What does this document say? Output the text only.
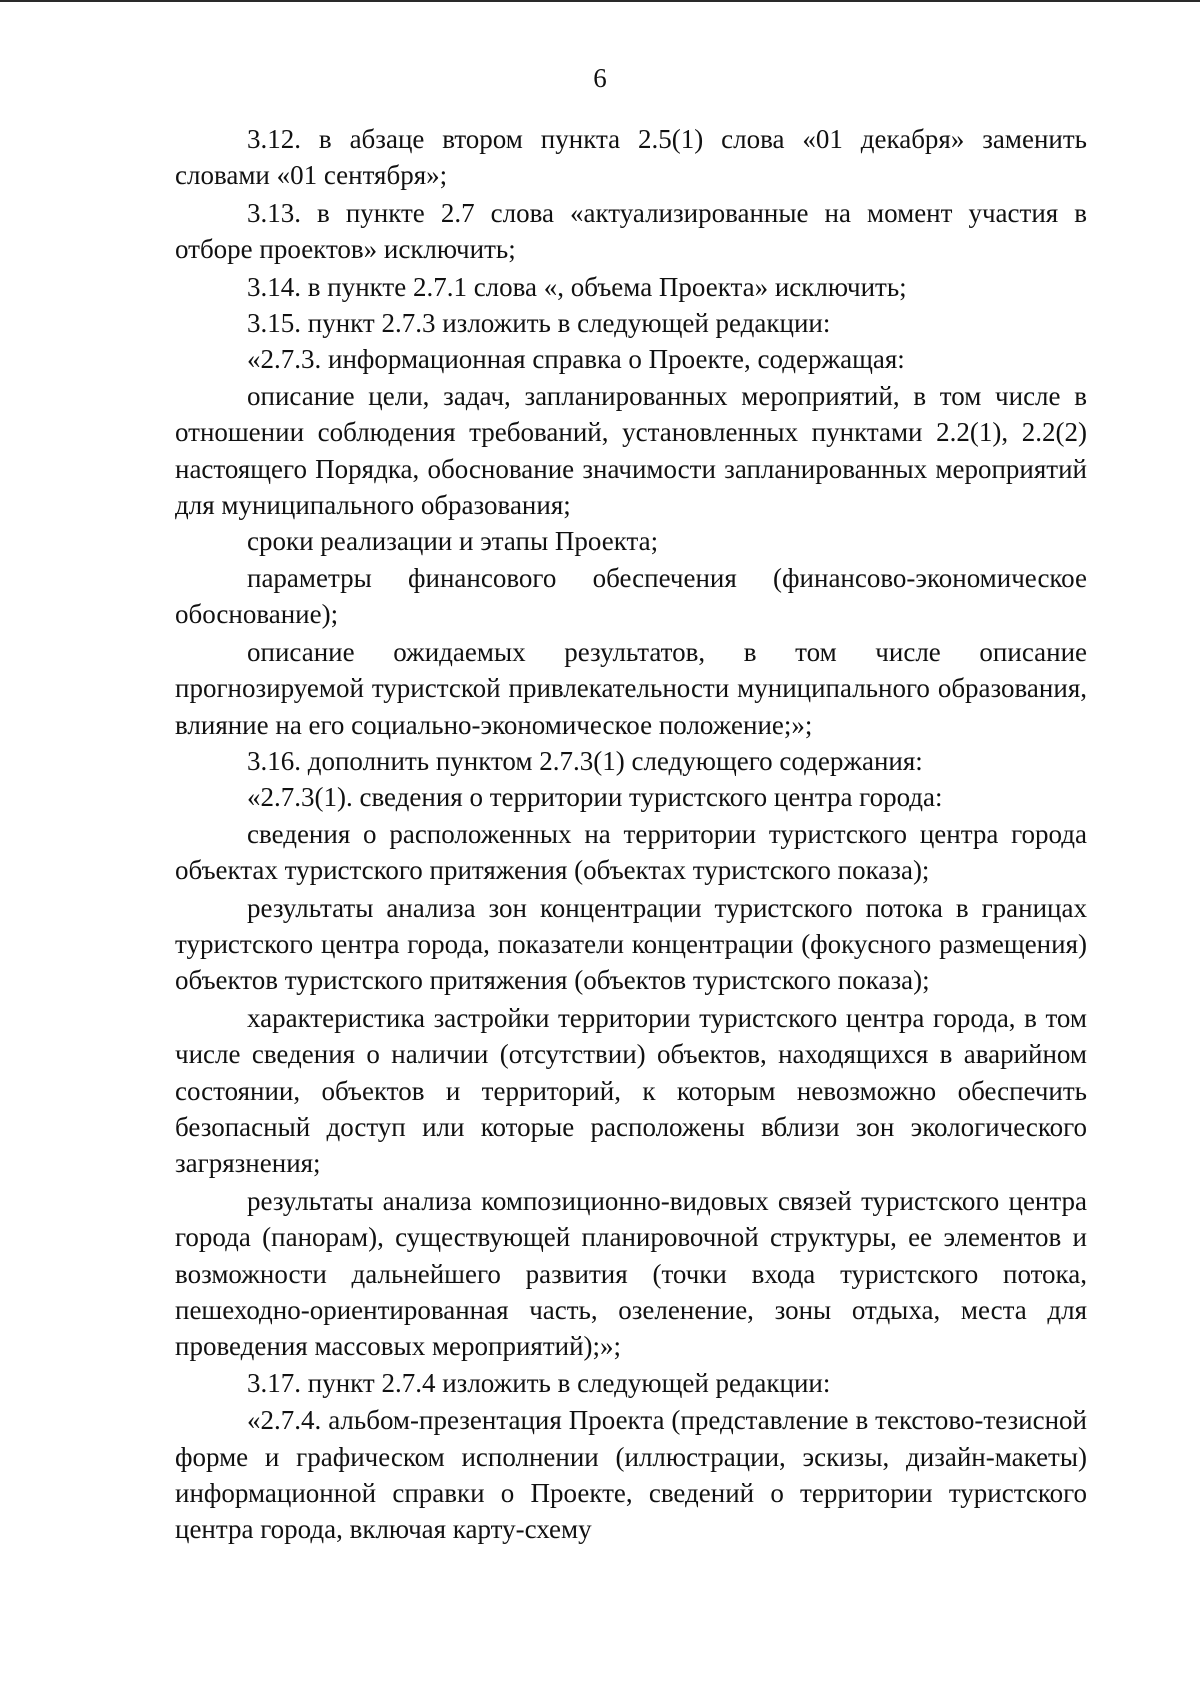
6

3.12. в абзаце втором пункта 2.5(1) слова «01 декабря» заменить словами «01 сентября»;

3.13. в пункте 2.7 слова «актуализированные на момент участия в отборе проектов» исключить;

3.14. в пункте 2.7.1 слова «, объема Проекта» исключить;

3.15. пункт 2.7.3 изложить в следующей редакции:

«2.7.3. информационная справка о Проекте, содержащая:

описание цели, задач, запланированных мероприятий, в том числе в отношении соблюдения требований, установленных пунктами 2.2(1), 2.2(2) настоящего Порядка, обоснование значимости запланированных мероприятий для муниципального образования;

сроки реализации и этапы Проекта;

параметры финансового обеспечения (финансово-экономическое обоснование);

описание ожидаемых результатов, в том числе описание прогнозируемой туристской привлекательности муниципального образования, влияние на его социально-экономическое положение;»;

3.16. дополнить пунктом 2.7.3(1) следующего содержания:

«2.7.3(1). сведения о территории туристского центра города:

сведения о расположенных на территории туристского центра города объектах туристского притяжения (объектах туристского показа);

результаты анализа зон концентрации туристского потока в границах туристского центра города, показатели концентрации (фокусного размещения) объектов туристского притяжения (объектов туристского показа);

характеристика застройки территории туристского центра города, в том числе сведения о наличии (отсутствии) объектов, находящихся в аварийном состоянии, объектов и территорий, к которым невозможно обеспечить безопасный доступ или которые расположены вблизи зон экологического загрязнения;

результаты анализа композиционно-видовых связей туристского центра города (панорам), существующей планировочной структуры, ее элементов и возможности дальнейшего развития (точки входа туристского потока, пешеходно-ориентированная часть, озеленение, зоны отдыха, места для проведения массовых мероприятий);»;

3.17. пункт 2.7.4 изложить в следующей редакции:

«2.7.4. альбом-презентация Проекта (представление в текстово-тезисной форме и графическом исполнении (иллюстрации, эскизы, дизайн-макеты) информационной справки о Проекте, сведений о территории туристского центра города, включая карту-схему
